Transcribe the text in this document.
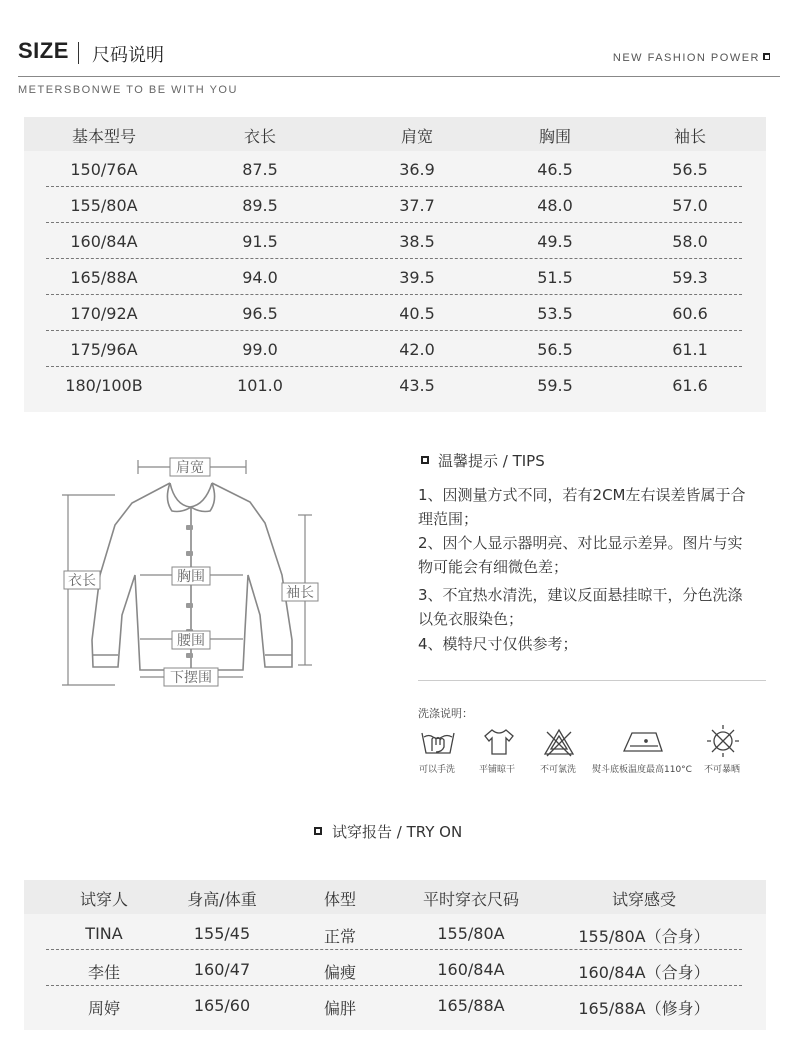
SIZE 尺码说明	NEW FASHION POWER
METERSBONWE TO BE WITH YOU
基本型号	衣长	肩宽	胸围	袖长
150/76A	87.5	36.9	46.5	56.5
155/80A	89.5	37.7	48.0	57.0
160/84A	91.5	38.5	49.5	58.0
165/88A	94.0	39.5	51.5	59.3
170/92A	96.5	40.5	53.5	60.6
175/96A	99.0	42.0	56.5	61.1
180/100B	101.0	43.5	59.5	61.6
肩宽
衣长	胸围
袖长
腰围
下摆围
温馨提示 / TIPS
1、因测量方式不同，若有2CM左右误差皆属于合理范围；
2、因个人显示器明亮、对比显示差异。图片与实物可能会有细微色差；
3、不宜热水清洗，建议反面悬挂晾干，分色洗涤以免衣服染色；
4、模特尺寸仅供参考；
洗涤说明：
可以手洗	平铺晾干	不可氯洗 熨斗底板温度最高110°C 不可暴晒
试穿报告 / TRY ON
试穿人	身高/体重	体型	平时穿衣尺码	试穿感受
TINA	155/45	正常	155/80A	155/80A（合身）
李佳	160/47	偏瘦	160/84A	160/84A（合身）
周婷	165/60	偏胖	165/88A	165/88A（修身）
